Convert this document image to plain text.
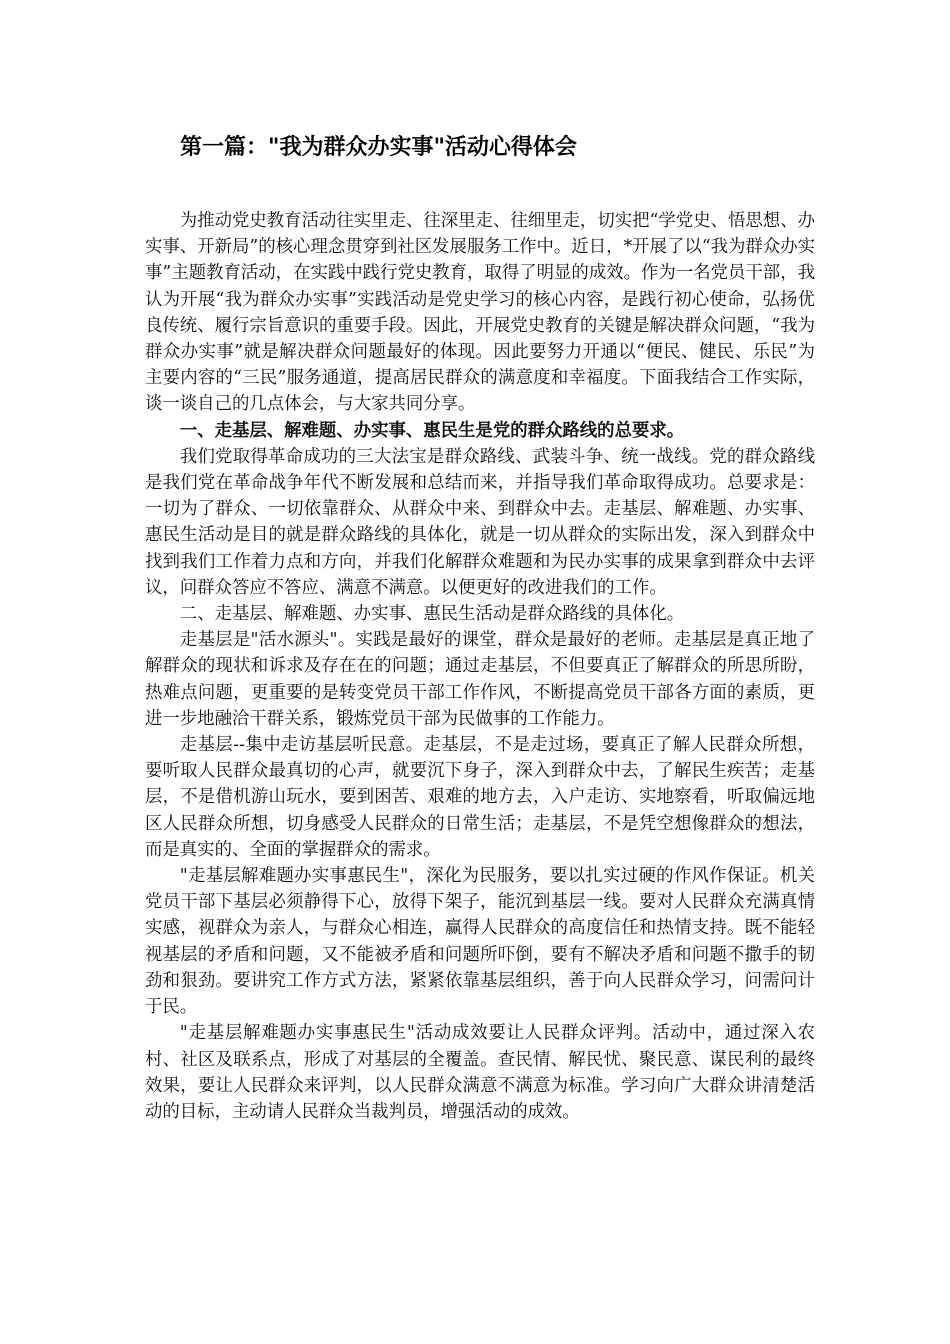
第一篇："我为群众办实事"活动心得体会

为推动党史教育活动往实里走、往深里走、往细里走，切实把“学党史、悟思想、办实事、开新局”的核心理念贯穿到社区发展服务工作中。近日，*开展了以“我为群众办实事”主题教育活动，在实践中践行党史教育，取得了明显的成效。作为一名党员干部，我认为开展“我为群众办实事”实践活动是党史学习的核心内容，是践行初心使命，弘扬优良传统、履行宗旨意识的重要手段。因此，开展党史教育的关键是解决群众问题，“我为群众办实事”就是解决群众问题最好的体现。因此要努力开通以“便民、健民、乐民”为主要内容的“三民”服务通道，提高居民群众的满意度和幸福度。下面我结合工作实际，谈一谈自己的几点体会，与大家共同分享。

一、走基层、解难题、办实事、惠民生是党的群众路线的总要求。

我们党取得革命成功的三大法宝是群众路线、武装斗争、统一战线。党的群众路线是我们党在革命战争年代不断发展和总结而来，并指导我们革命取得成功。总要求是：一切为了群众、一切依靠群众、从群众中来、到群众中去。走基层、解难题、办实事、惠民生活动是目的就是群众路线的具体化，就是一切从群众的实际出发，深入到群众中找到我们工作着力点和方向，并我们化解群众难题和为民办实事的成果拿到群众中去评议，问群众答应不答应、满意不满意。以便更好的改进我们的工作。

二、走基层、解难题、办实事、惠民生活动是群众路线的具体化。

走基层是"活水源头"。实践是最好的课堂，群众是最好的老师。走基层是真正地了解群众的现状和诉求及存在在的问题；通过走基层，不但要真正了解群众的所思所盼，热难点问题，更重要的是转变党员干部工作作风，不断提高党员干部各方面的素质，更进一步地融洽干群关系，锻炼党员干部为民做事的工作能力。

走基层--集中走访基层听民意。走基层，不是走过场，要真正了解人民群众所想，要听取人民群众最真切的心声，就要沉下身子，深入到群众中去，了解民生疾苦；走基层，不是借机游山玩水，要到困苦、艰难的地方去，入户走访、实地察看，听取偏远地区人民群众所想，切身感受人民群众的日常生活；走基层，不是凭空想像群众的想法，而是真实的、全面的掌握群众的需求。

"走基层解难题办实事惠民生"，深化为民服务，要以扎实过硬的作风作保证。机关党员干部下基层必须静得下心，放得下架子，能沉到基层一线。要对人民群众充满真情实感，视群众为亲人，与群众心相连，赢得人民群众的高度信任和热情支持。既不能轻视基层的矛盾和问题，又不能被矛盾和问题所吓倒，要有不解决矛盾和问题不撒手的韧劲和狠劲。要讲究工作方式方法，紧紧依靠基层组织，善于向人民群众学习，问需问计于民。

"走基层解难题办实事惠民生"活动成效要让人民群众评判。活动中，通过深入农村、社区及联系点，形成了对基层的全覆盖。查民情、解民忧、聚民意、谋民利的最终效果，要让人民群众来评判，以人民群众满意不满意为标准。学习向广大群众讲清楚活动的目标，主动请人民群众当裁判员，增强活动的成效。
